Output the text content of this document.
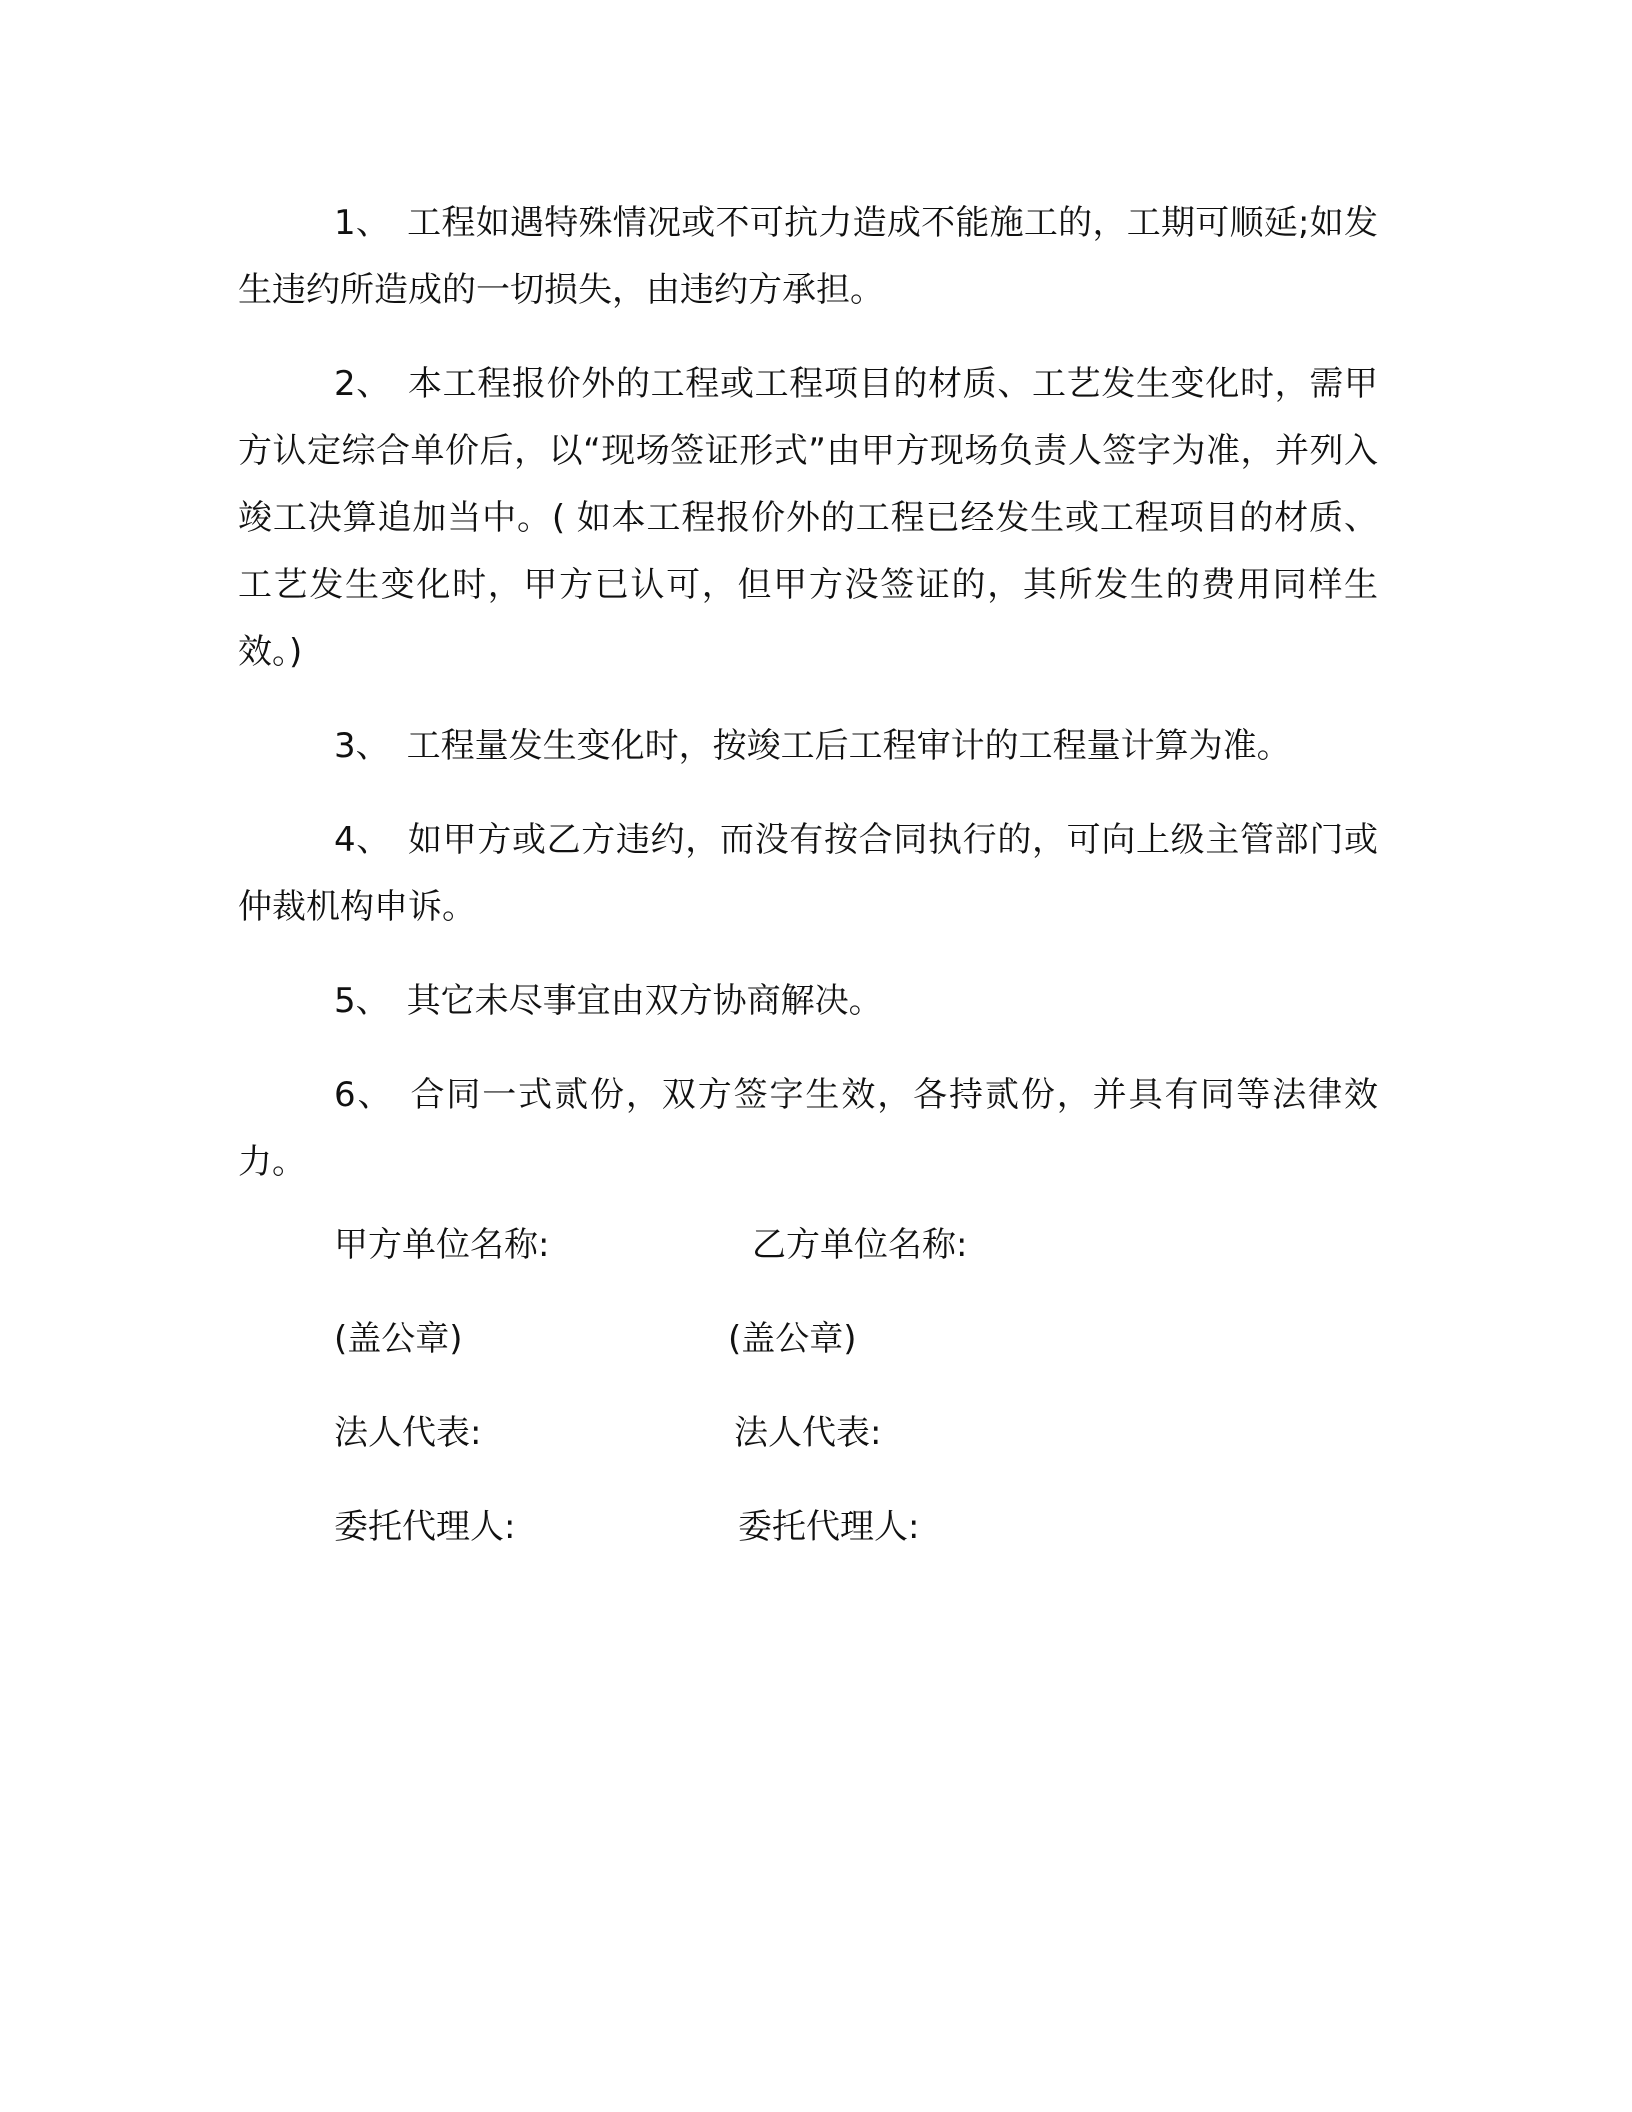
1、 工程如遇特殊情况或不可抗力造成不能施工的，工期可顺延;如发生违约所造成的一切损失，由违约方承担。

2、 本工程报价外的工程或工程项目的材质、工艺发生变化时，需甲方认定综合单价后，以“现场签证形式”由甲方现场负责人签字为准，并列入竣工决算追加当中。( 如本工程报价外的工程已经发生或工程项目的材质、工艺发生变化时，甲方已认可，但甲方没签证的，其所发生的费用同样生效。)

3、 工程量发生变化时，按竣工后工程审计的工程量计算为准。

4、 如甲方或乙方违约，而没有按合同执行的，可向上级主管部门或仲裁机构申诉。

5、 其它未尽事宜由双方协商解决。

6、 合同一式贰份，双方签字生效，各持贰份，并具有同等法律效力。

甲方单位名称:	乙方单位名称:
(盖公章)	(盖公章)
法人代表:	法人代表:
委托代理人:	委托代理人:
